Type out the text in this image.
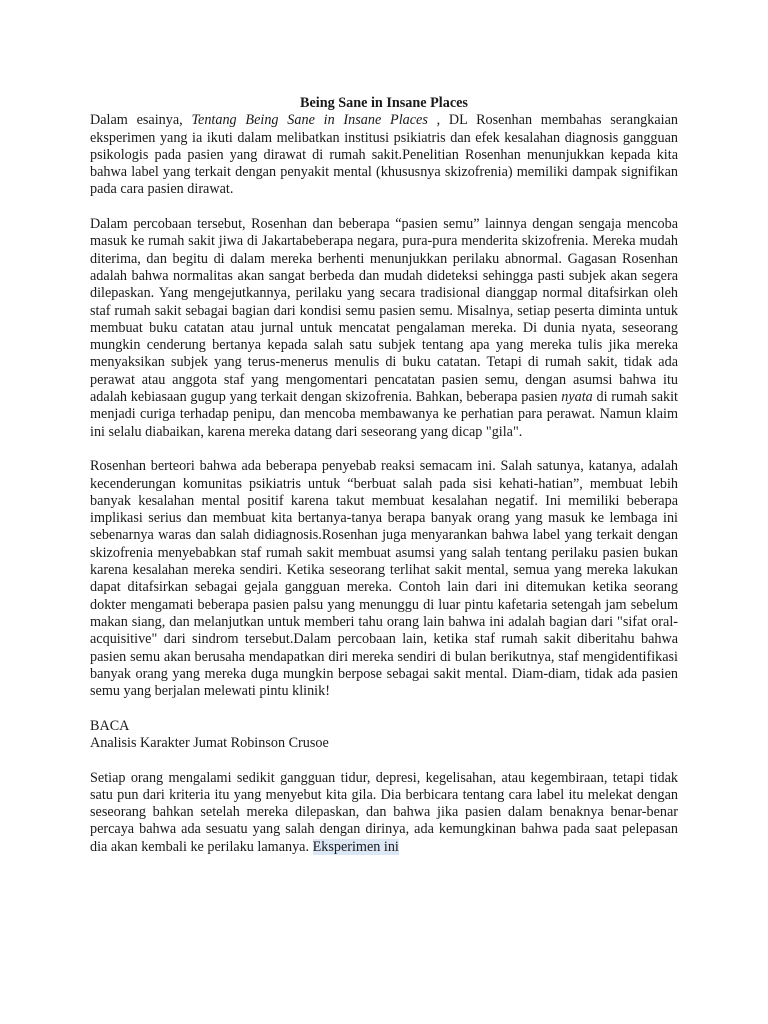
Being Sane in Insane Places

Dalam esainya, Tentang Being Sane in Insane Places , DL Rosenhan membahas serangkaian eksperimen yang ia ikuti dalam melibatkan institusi psikiatris dan efek kesalahan diagnosis gangguan psikologis pada pasien yang dirawat di rumah sakit.Penelitian Rosenhan menunjukkan kepada kita bahwa label yang terkait dengan penyakit mental (khususnya skizofrenia) memiliki dampak signifikan pada cara pasien dirawat.

Dalam percobaan tersebut, Rosenhan dan beberapa “pasien semu” lainnya dengan sengaja mencoba masuk ke rumah sakit jiwa di Jakartabeberapa negara, pura-pura menderita skizofrenia. Mereka mudah diterima, dan begitu di dalam mereka berhenti menunjukkan perilaku abnormal. Gagasan Rosenhan adalah bahwa normalitas akan sangat berbeda dan mudah dideteksi sehingga pasti subjek akan segera dilepaskan. Yang mengejutkannya, perilaku yang secara tradisional dianggap normal ditafsirkan oleh staf rumah sakit sebagai bagian dari kondisi semu pasien semu. Misalnya, setiap peserta diminta untuk membuat buku catatan atau jurnal untuk mencatat pengalaman mereka. Di dunia nyata, seseorang mungkin cenderung bertanya kepada salah satu subjek tentang apa yang mereka tulis jika mereka menyaksikan subjek yang terus-menerus menulis di buku catatan. Tetapi di rumah sakit, tidak ada perawat atau anggota staf yang mengomentari pencatatan pasien semu, dengan asumsi bahwa itu adalah kebiasaan gugup yang terkait dengan skizofrenia. Bahkan, beberapa pasien nyata di rumah sakit menjadi curiga terhadap penipu, dan mencoba membawanya ke perhatian para perawat. Namun klaim ini selalu diabaikan, karena mereka datang dari seseorang yang dicap "gila".

Rosenhan berteori bahwa ada beberapa penyebab reaksi semacam ini. Salah satunya, katanya, adalah kecenderungan komunitas psikiatris untuk “berbuat salah pada sisi kehati-hatian”, membuat lebih banyak kesalahan mental positif karena takut membuat kesalahan negatif. Ini memiliki beberapa implikasi serius dan membuat kita bertanya-tanya berapa banyak orang yang masuk ke lembaga ini sebenarnya waras dan salah didiagnosis.Rosenhan juga menyarankan bahwa label yang terkait dengan skizofrenia menyebabkan staf rumah sakit membuat asumsi yang salah tentang perilaku pasien bukan karena kesalahan mereka sendiri. Ketika seseorang terlihat sakit mental, semua yang mereka lakukan dapat ditafsirkan sebagai gejala gangguan mereka. Contoh lain dari ini ditemukan ketika seorang dokter mengamati beberapa pasien palsu yang menunggu di luar pintu kafetaria setengah jam sebelum makan siang, dan melanjutkan untuk memberi tahu orang lain bahwa ini adalah bagian dari "sifat oral-acquisitive" dari sindrom tersebut.Dalam percobaan lain, ketika staf rumah sakit diberitahu bahwa pasien semu akan berusaha mendapatkan diri mereka sendiri di bulan berikutnya, staf mengidentifikasi banyak orang yang mereka duga mungkin berpose sebagai sakit mental. Diam-diam, tidak ada pasien semu yang berjalan melewati pintu klinik!

BACA

Analisis Karakter Jumat Robinson Crusoe

Setiap orang mengalami sedikit gangguan tidur, depresi, kegelisahan, atau kegembiraan, tetapi tidak satu pun dari kriteria itu yang menyebut kita gila. Dia berbicara tentang cara label itu melekat dengan seseorang bahkan setelah mereka dilepaskan, dan bahwa jika pasien dalam benaknya benar-benar percaya bahwa ada sesuatu yang salah dengan dirinya, ada kemungkinan bahwa pada saat pelepasan dia akan kembali ke perilaku lamanya. Eksperimen ini
